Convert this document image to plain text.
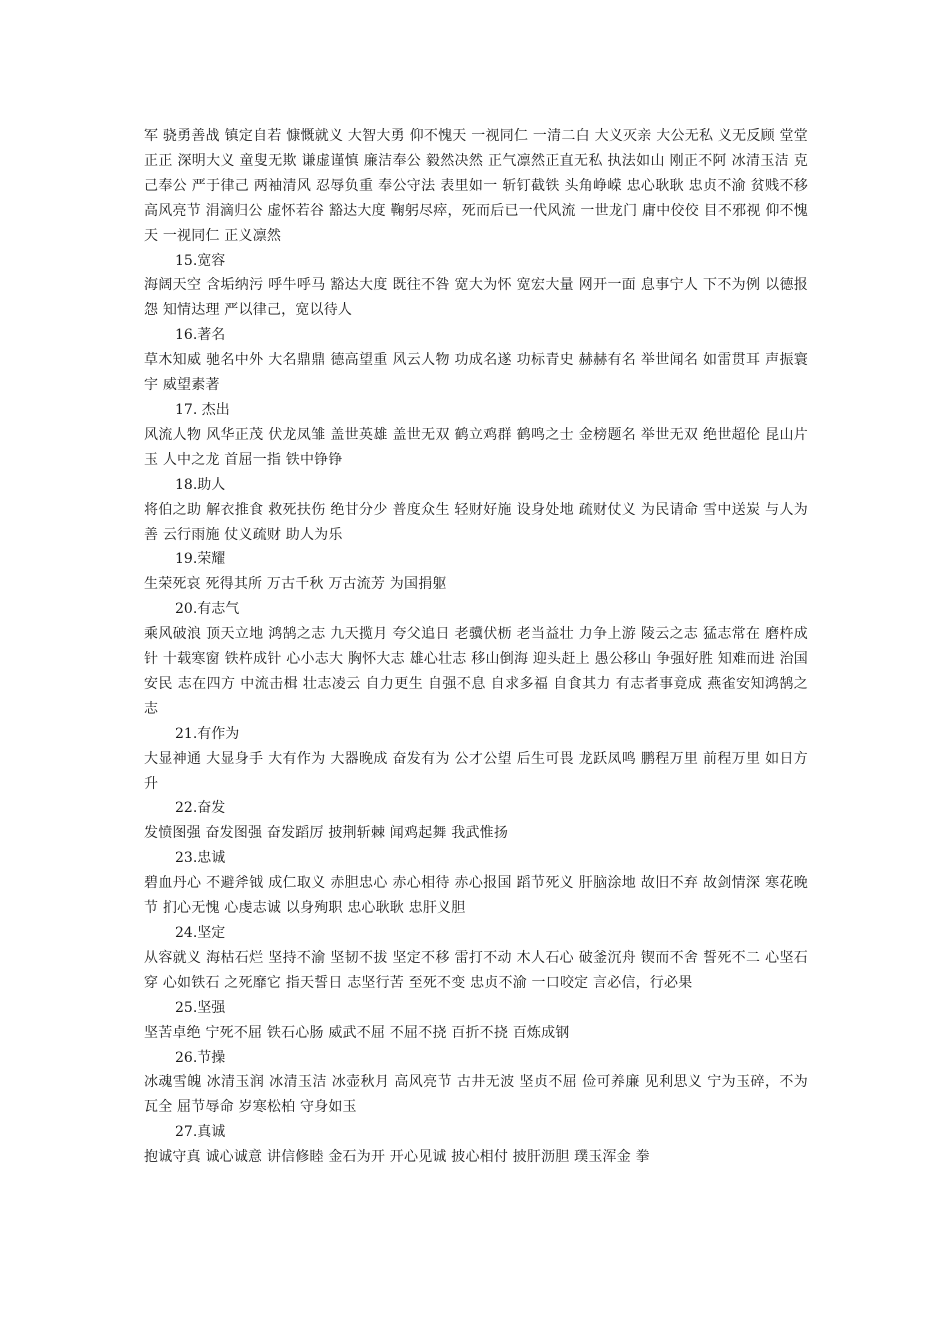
军 骁勇善战 镇定自若 慷慨就义 大智大勇 仰不愧天 一视同仁 一清二白 大义灭亲 大公无私 义无反顾 堂堂正正 深明大义 童叟无欺 谦虚谨慎 廉洁奉公 毅然决然 正气凛然正直无私 执法如山 刚正不阿 冰清玉洁 克己奉公 严于律己 两袖清风 忍辱负重 奉公守法 表里如一 斩钉截铁 头角峥嵘 忠心耿耿 忠贞不渝 贫贱不移 高风亮节 涓滴归公 虚怀若谷 豁达大度 鞠躬尽瘁，死而后已一代风流 一世龙门 庸中佼佼 目不邪视 仰不愧天 一视同仁 正义凛然

15.宽容

海阔天空 含垢纳污 呼牛呼马 豁达大度 既往不咎 宽大为怀 宽宏大量 网开一面 息事宁人 下不为例 以德报怨 知情达理 严以律己，宽以待人

16.著名

草木知威 驰名中外 大名鼎鼎 德高望重 风云人物 功成名遂 功标青史 赫赫有名 举世闻名 如雷贯耳 声振寰宇 威望素著

17. 杰出

风流人物 风华正茂 伏龙凤雏 盖世英雄 盖世无双 鹤立鸡群 鹤鸣之士 金榜题名 举世无双 绝世超伦 昆山片玉 人中之龙 首屈一指 铁中铮铮

18.助人

将伯之助 解衣推食 救死扶伤 绝甘分少 普度众生 轻财好施 设身处地 疏财仗义 为民请命 雪中送炭 与人为善 云行雨施 仗义疏财 助人为乐

19.荣耀

生荣死哀 死得其所 万古千秋 万古流芳 为国捐躯

20.有志气

乘风破浪 顶天立地 鸿鹄之志 九天揽月 夸父追日 老骥伏枥 老当益壮 力争上游 陵云之志 猛志常在 磨杵成针 十载寒窗 铁杵成针 心小志大 胸怀大志 雄心壮志 移山倒海 迎头赶上 愚公移山 争强好胜 知难而进 治国安民 志在四方 中流击楫 壮志凌云 自力更生 自强不息 自求多福 自食其力 有志者事竟成 燕雀安知鸿鹄之志

21.有作为

大显神通 大显身手 大有作为 大器晚成 奋发有为 公才公望 后生可畏 龙跃凤鸣 鹏程万里 前程万里 如日方升

22.奋发

发愤图强 奋发图强 奋发蹈厉 披荆斩棘 闻鸡起舞 我武惟扬

23.忠诚

碧血丹心 不避斧钺 成仁取义 赤胆忠心 赤心相待 赤心报国 蹈节死义 肝脑涂地 故旧不弃 故剑情深 寒花晚节 扪心无愧 心虔志诚 以身殉职 忠心耿耿 忠肝义胆

24.坚定

从容就义 海枯石烂 坚持不渝 坚韧不拔 坚定不移 雷打不动 木人石心 破釜沉舟 锲而不舍 誓死不二 心坚石穿 心如铁石 之死靡它 指天誓日 志坚行苦 至死不变 忠贞不渝 一口咬定 言必信，行必果

25.坚强

坚苦卓绝 宁死不屈 铁石心肠 威武不屈 不屈不挠 百折不挠 百炼成钢

26.节操

冰魂雪魄 冰清玉润 冰清玉洁 冰壶秋月 高风亮节 古井无波 坚贞不屈 俭可养廉 见利思义 宁为玉碎，不为瓦全 屈节辱命 岁寒松柏 守身如玉

27.真诚

抱诚守真 诚心诚意 讲信修睦 金石为开 开心见诚 披心相付 披肝沥胆 璞玉浑金 拳
